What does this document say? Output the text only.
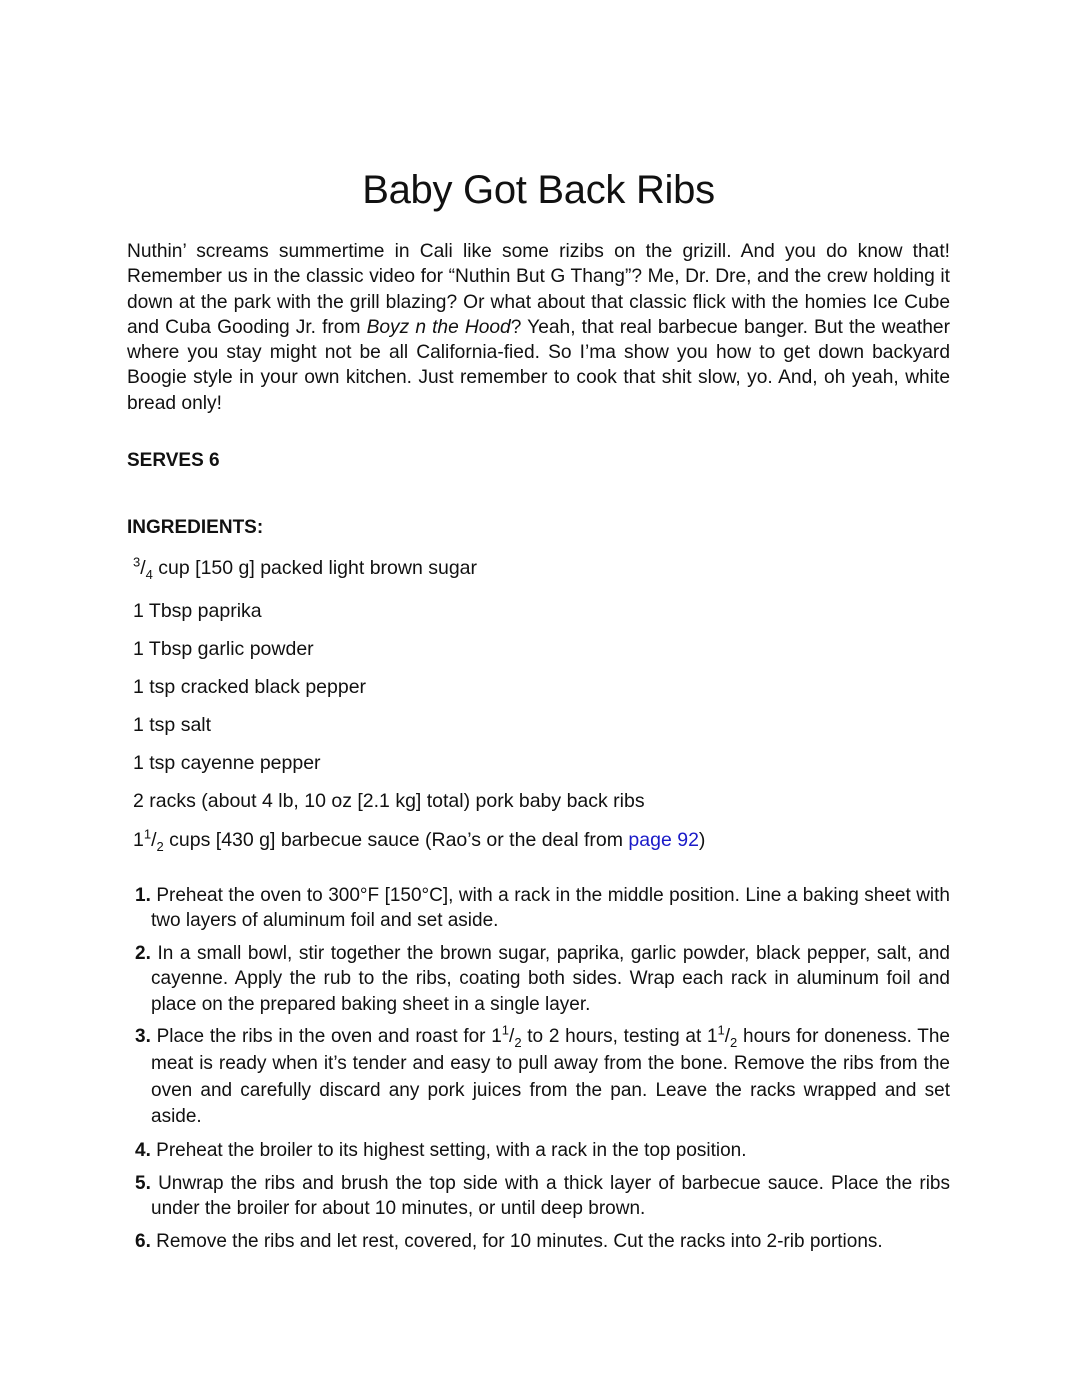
Baby Got Back Ribs

Nuthin’ screams summertime in Cali like some rizibs on the grizill. And you do know that! Remember us in the classic video for “Nuthin But G Thang”? Me, Dr. Dre, and the crew holding it down at the park with the grill blazing? Or what about that classic flick with the homies Ice Cube and Cuba Gooding Jr. from Boyz n the Hood? Yeah, that real barbecue banger. But the weather where you stay might not be all California-fied. So I’ma show you how to get down backyard Boogie style in your own kitchen. Just remember to cook that shit slow, yo. And, oh yeah, white bread only!

SERVES 6

INGREDIENTS:

$^3/_4$ cup [150 g] packed light brown sugar

1 Tbsp paprika

1 Tbsp garlic powder

1 tsp cracked black pepper

1 tsp salt

1 tsp cayenne pepper

2 racks (about 4 lb, 10 oz [2.1 kg] total) pork baby back ribs

$1^1/_2$ cups [430 g] barbecue sauce (Rao’s or the deal from page 92)

1. Preheat the oven to 300°F [150°C], with a rack in the middle position. Line a baking sheet with two layers of aluminum foil and set aside.
2. In a small bowl, stir together the brown sugar, paprika, garlic powder, black pepper, salt, and cayenne. Apply the rub to the ribs, coating both sides. Wrap each rack in aluminum foil and place on the prepared baking sheet in a single layer.
3. Place the ribs in the oven and roast for $1^1/_2$ to 2 hours, testing at $1^1/_2$ hours for doneness. The meat is ready when it’s tender and easy to pull away from the bone. Remove the ribs from the oven and carefully discard any pork juices from the pan. Leave the racks wrapped and set aside.
4. Preheat the broiler to its highest setting, with a rack in the top position.
5. Unwrap the ribs and brush the top side with a thick layer of barbecue sauce. Place the ribs under the broiler for about 10 minutes, or until deep brown.
6. Remove the ribs and let rest, covered, for 10 minutes. Cut the racks into 2-rib portions.
